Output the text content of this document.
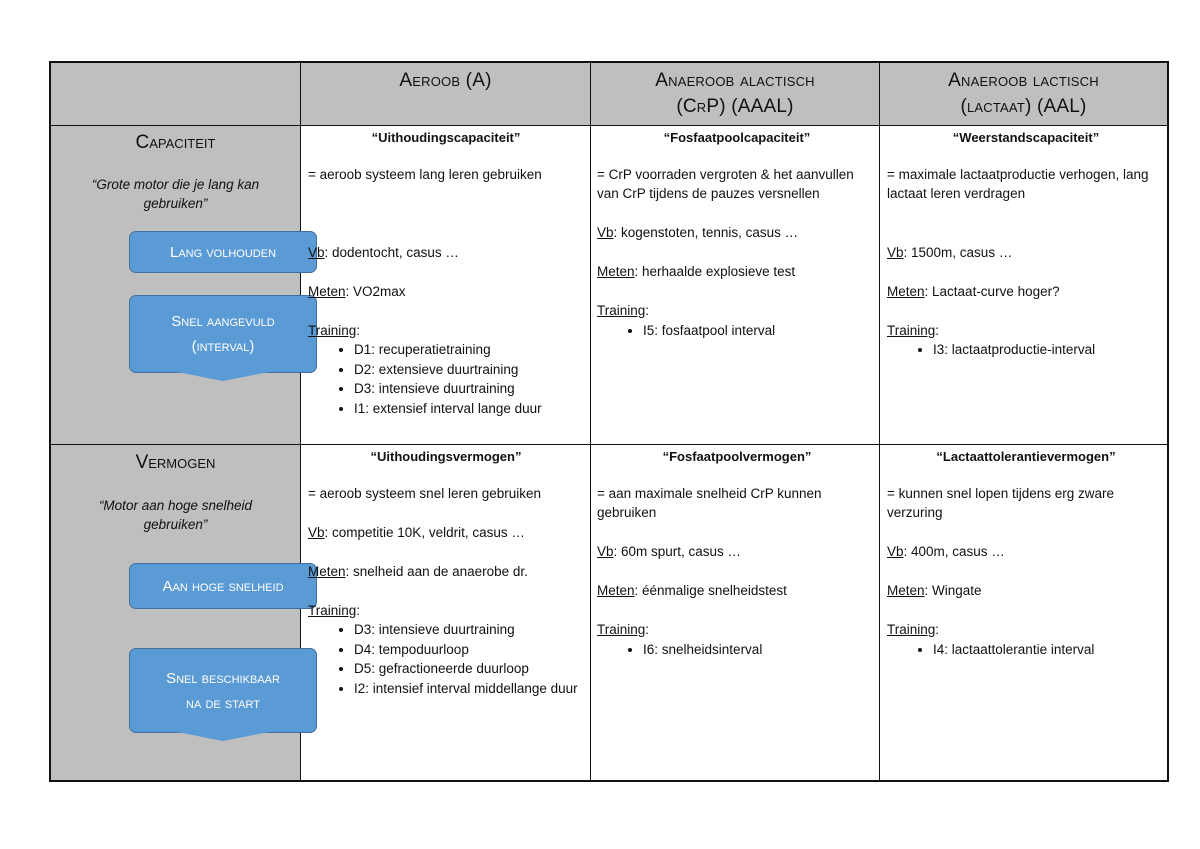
Aeroob (A)	Anaeroob alactisch
(CrP) (AAAL)
Anaeroob lactisch
(lactaat) (AAL)
Capaciteit
“Grote motor die je lang kan gebruiken”
Lang volhouden
Snel aangevuld
(interval)
“Uithoudingscapaciteit”

= aeroob systeem lang leren gebruiken

Vb: dodentocht, casus …

Meten: VO2max

Training:

• D1: recuperatietraining
• D2: extensieve duurtraining
• D3: intensieve duurtraining
• I1: extensief interval lange duur
“Fosfaatpoolcapaciteit”

= CrP voorraden vergroten & het aanvullen van CrP tijdens de pauzes versnellen

Vb: kogenstoten, tennis, casus …

Meten: herhaalde explosieve test

Training:

• I5: fosfaatpool interval
“Weerstandscapaciteit”

= maximale lactaatproductie verhogen, lang lactaat leren verdragen

Vb: 1500m, casus …

Meten: Lactaat-curve hoger?

Training:

• I3: lactaatproductie-interval
Vermogen
“Motor aan hoge snelheid gebruiken”
Aan hoge snelheid
Snel beschikbaar
na de start
“Uithoudingsvermogen”

= aeroob systeem snel leren gebruiken

Vb: competitie 10K, veldrit, casus …

Meten: snelheid aan de anaerobe dr.

Training:

• D3: intensieve duurtraining
• D4: tempoduurloop
• D5: gefractioneerde duurloop
• I2: intensief interval middellange duur
“Fosfaatpoolvermogen”

= aan maximale snelheid CrP kunnen gebruiken

Vb: 60m spurt, casus …

Meten: éénmalige snelheidstest

Training:

• I6: snelheidsinterval
“Lactaattolerantievermogen”

= kunnen snel lopen tijdens erg zware verzuring

Vb: 400m, casus …

Meten: Wingate

Training:

• I4: lactaattolerantie interval
